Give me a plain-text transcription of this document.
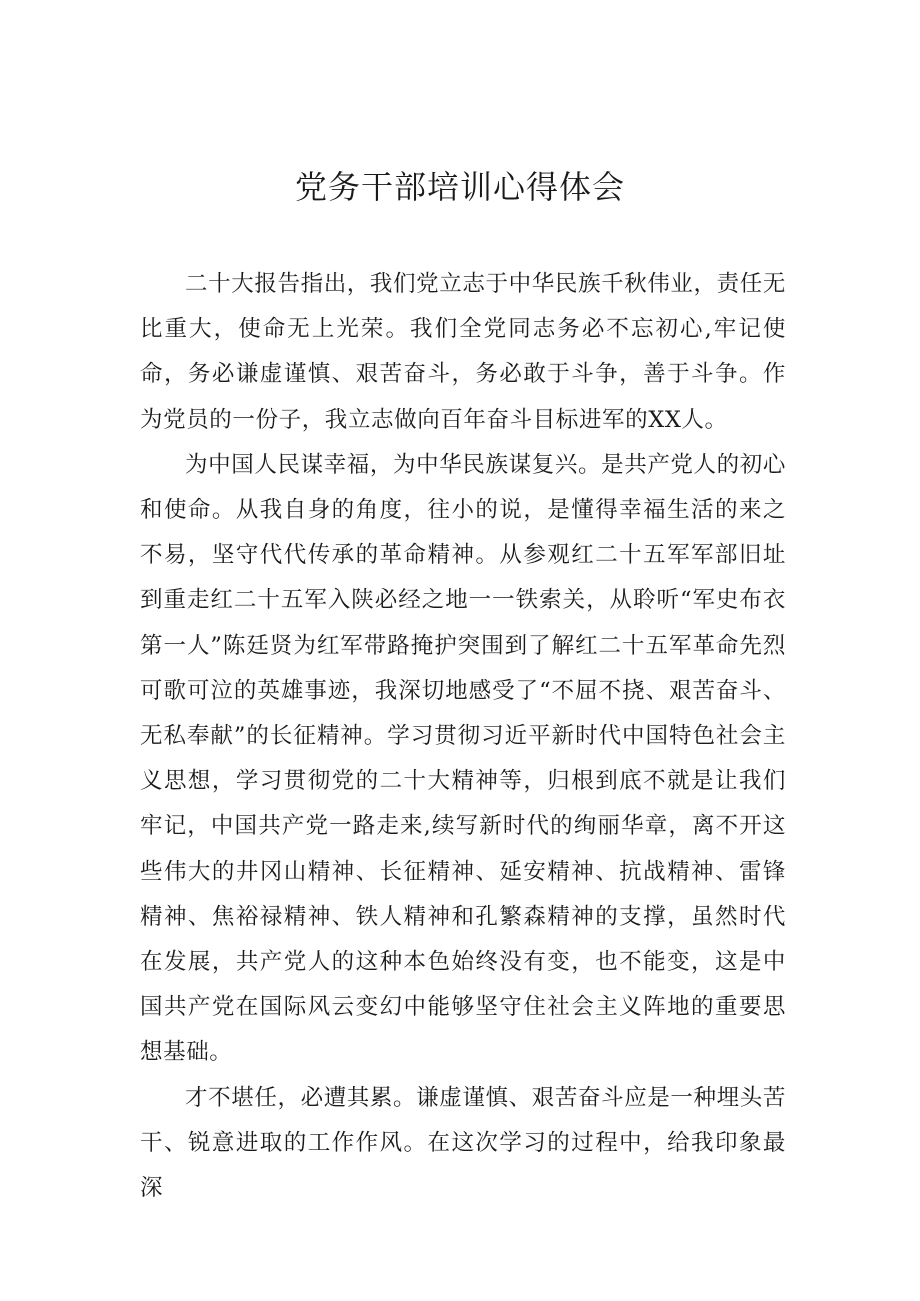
党务干部培训心得体会

二十大报告指出，我们党立志于中华民族千秋伟业，责任无比重大，使命无上光荣。我们全党同志务必不忘初心,牢记使命，务必谦虚谨慎、艰苦奋斗，务必敢于斗争，善于斗争。作为党员的一份子，我立志做向百年奋斗目标进军的XX人。

为中国人民谋幸福，为中华民族谋复兴。是共产党人的初心和使命。从我自身的角度，往小的说，是懂得幸福生活的来之不易，坚守代代传承的革命精神。从参观红二十五军军部旧址到重走红二十五军入陕必经之地一一铁索关，从聆听“军史布衣第一人”陈廷贤为红军带路掩护突围到了解红二十五军革命先烈可歌可泣的英雄事迹，我深切地感受了“不屈不挠、艰苦奋斗、无私奉献”的长征精神。学习贯彻习近平新时代中国特色社会主义思想，学习贯彻党的二十大精神等，归根到底不就是让我们牢记，中国共产党一路走来,续写新时代的绚丽华章，离不开这些伟大的井冈山精神、长征精神、延安精神、抗战精神、雷锋精神、焦裕禄精神、铁人精神和孔繁森精神的支撑，虽然时代在发展，共产党人的这种本色始终没有变，也不能变，这是中国共产党在国际风云变幻中能够坚守住社会主义阵地的重要思想基础。

才不堪任，必遭其累。谦虚谨慎、艰苦奋斗应是一种埋头苦干、锐意进取的工作作风。在这次学习的过程中，给我印象最深
